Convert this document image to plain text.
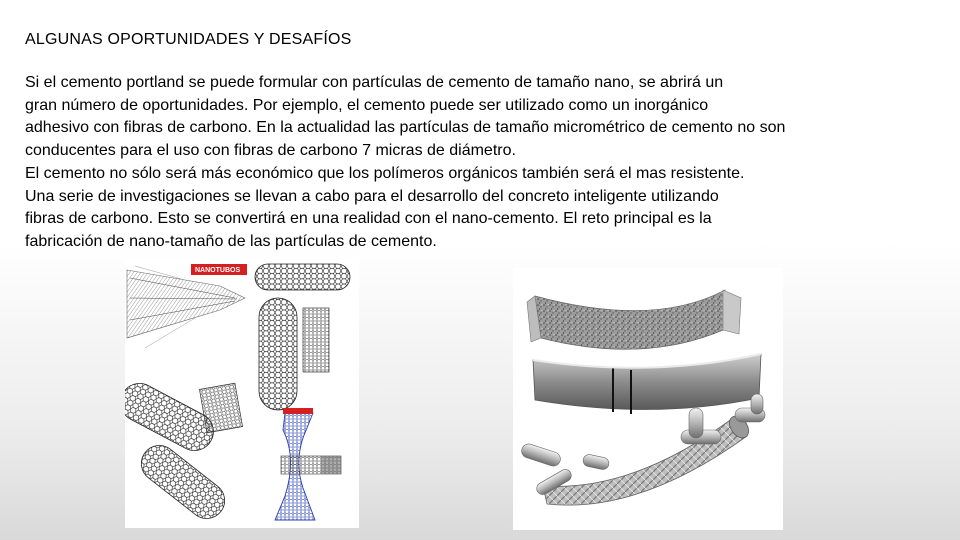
ALGUNAS OPORTUNIDADES Y DESAFÍOS
Si el cemento portland se puede formular con partículas de cemento de tamaño nano, se abrirá un
gran número de oportunidades. Por ejemplo, el cemento puede ser utilizado como un inorgánico
adhesivo con fibras de carbono. En la actualidad las partículas de tamaño micrométrico de cemento no son
conducentes para el uso con fibras de carbono 7 micras de diámetro.
El cemento no sólo será más económico que los polímeros orgánicos también será el mas resistente.
Una serie de investigaciones se llevan a cabo para el desarrollo del concreto inteligente utilizando
fibras de carbono. Esto se convertirá en una realidad con el nano-cemento. El reto principal es la
fabricación de nano-tamaño de las partículas de cemento.
NANOTUBOS
